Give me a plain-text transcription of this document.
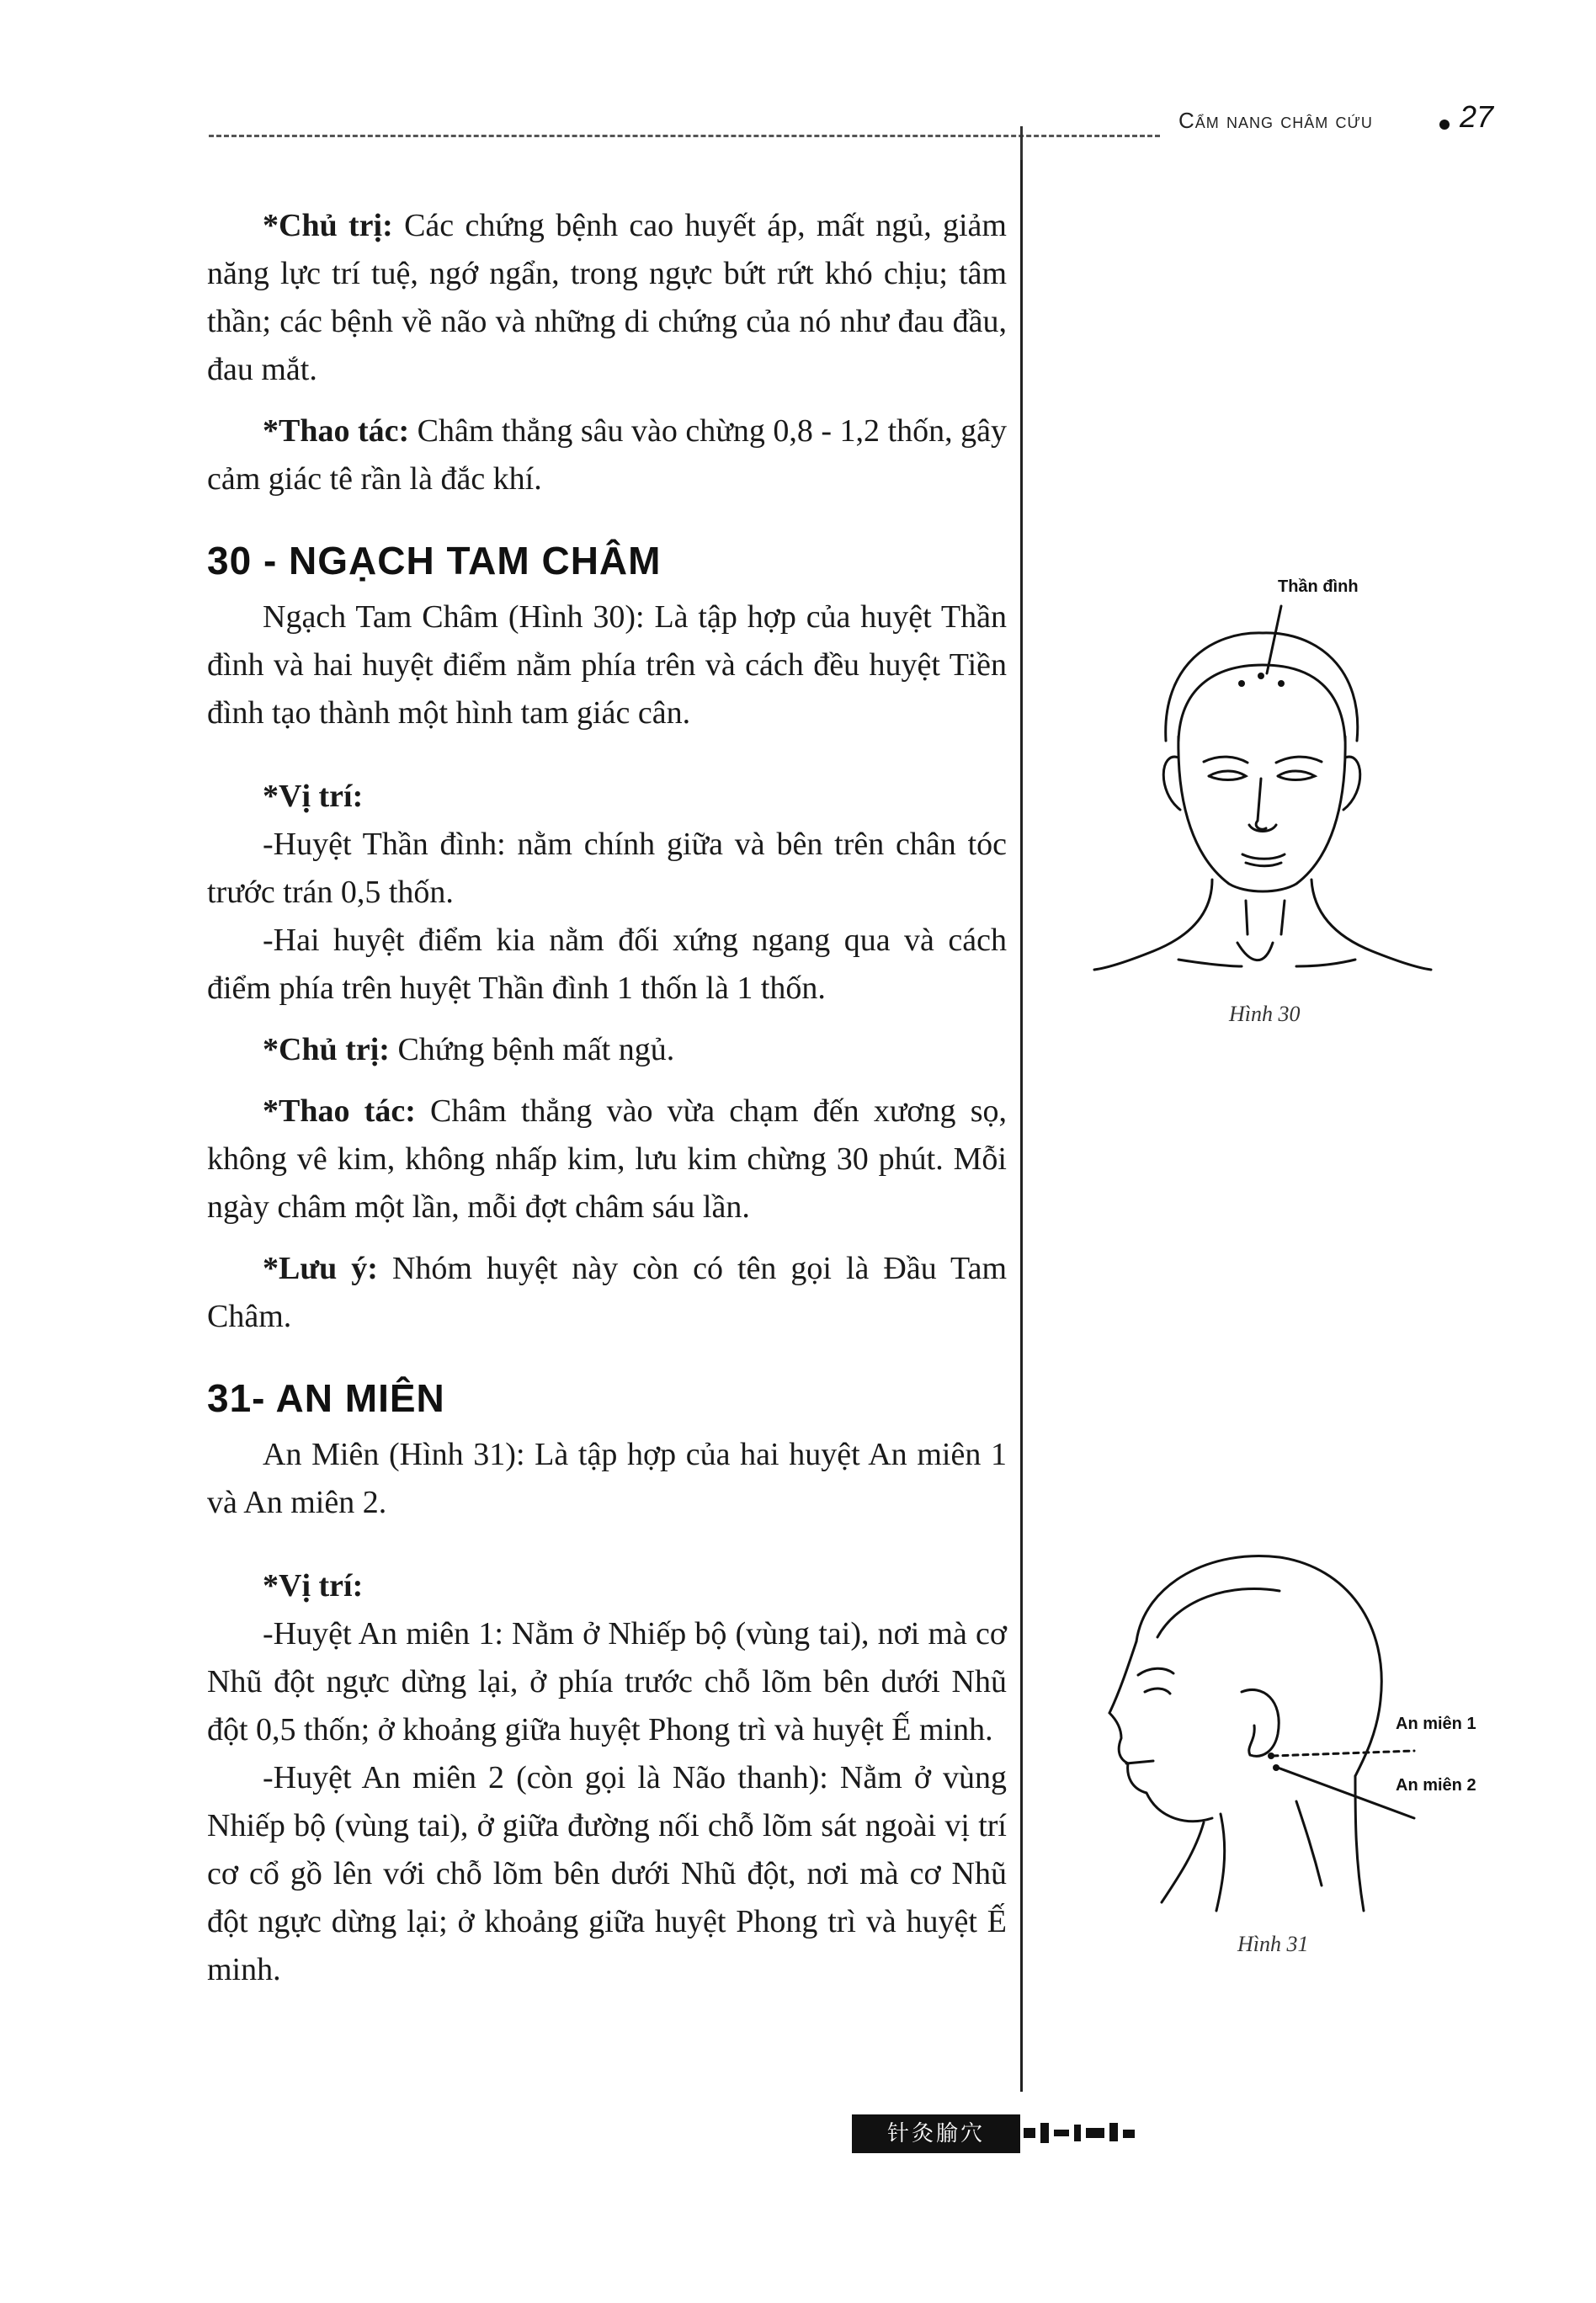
Cẩm nang châm cứu	27

*Chủ trị: Các chứng bệnh cao huyết áp, mất ngủ, giảm năng lực trí tuệ, ngớ ngẩn, trong ngực bứt rứt khó chịu; tâm thần; các bệnh về não và những di chứng của nó như đau đầu, đau mắt.

*Thao tác: Châm thẳng sâu vào chừng 0,8 - 1,2 thốn, gây cảm giác tê rần là đắc khí.

30 - NGẠCH TAM CHÂM

Ngạch Tam Châm (Hình 30): Là tập hợp của huyệt Thần đình và hai huyệt điểm nằm phía trên và cách đều huyệt Tiền đình tạo thành một hình tam giác cân.

*Vị trí:

-Huyệt Thần đình: nằm chính giữa và bên trên chân tóc trước trán 0,5 thốn.

-Hai huyệt điểm kia nằm đối xứng ngang qua và cách điểm phía trên huyệt Thần đình 1 thốn là 1 thốn.

*Chủ trị: Chứng bệnh mất ngủ.

*Thao tác: Châm thẳng vào vừa chạm đến xương sọ, không vê kim, không nhấp kim, lưu kim chừng 30 phút. Mỗi ngày châm một lần, mỗi đợt châm sáu lần.

*Lưu ý: Nhóm huyệt này còn có tên gọi là Đầu Tam Châm.

31- AN MIÊN

An Miên (Hình 31): Là tập hợp của hai huyệt An miên 1 và An miên 2.

*Vị trí:

-Huyệt An miên 1: Nằm ở Nhiếp bộ (vùng tai), nơi mà cơ Nhũ đột ngực dừng lại, ở phía trước chỗ lõm bên dưới Nhũ đột 0,5 thốn; ở khoảng giữa huyệt Phong trì và huyệt Ế minh.

-Huyệt An miên 2 (còn gọi là Não thanh): Nằm ở vùng Nhiếp bộ (vùng tai), ở giữa đường nối chỗ lõm sát ngoài vị trí cơ cổ gồ lên với chỗ lõm bên dưới Nhũ đột, nơi mà cơ Nhũ đột ngực dừng lại; ở khoảng giữa huyệt Phong trì và huyệt Ế minh.

Thần đình
Hình 30
An miên 1
An miên 2
Hình 31
针灸腧穴
